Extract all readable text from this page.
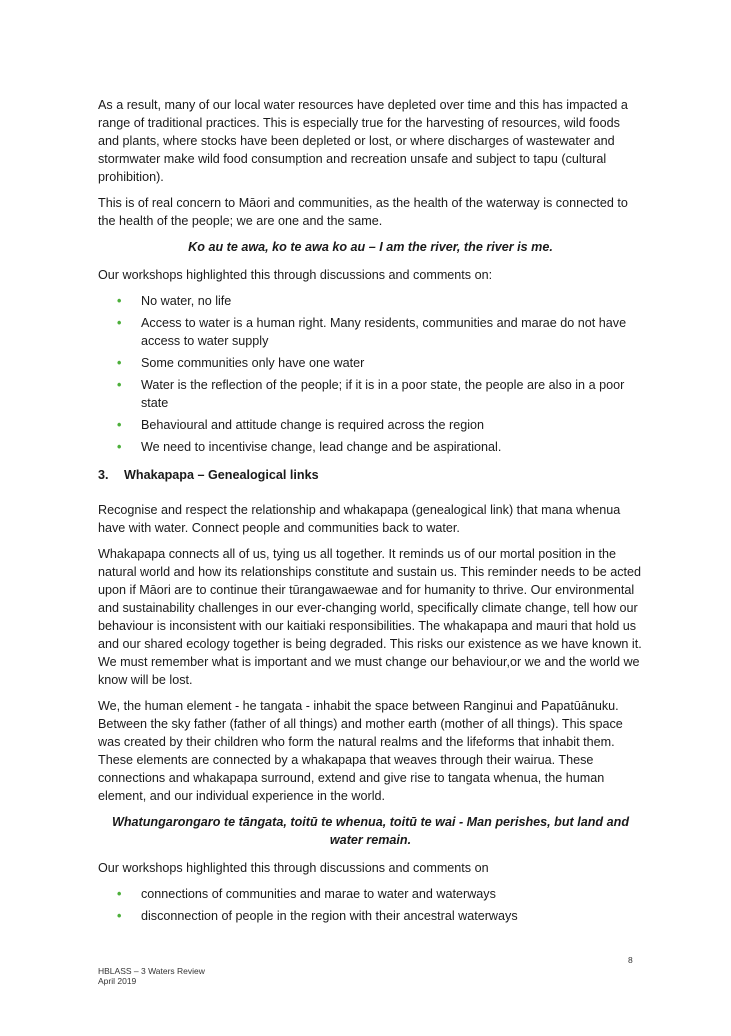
As a result, many of our local water resources have depleted over time and this has impacted a range of traditional practices. This is especially true for the harvesting of resources, wild foods and plants, where stocks have been depleted or lost, or where discharges of wastewater and stormwater make wild food consumption and recreation unsafe and subject to tapu (cultural prohibition).

This is of real concern to Māori and communities, as the health of the waterway is connected to the health of the people; we are one and the same.

Ko au te awa, ko te awa ko au – I am the river, the river is me.

Our workshops highlighted this through discussions and comments on:

• No water, no life
• Access to water is a human right. Many residents, communities and marae do not have access to water supply
• Some communities only have one water
• Water is the reflection of the people; if it is in a poor state, the people are also in a poor state
• Behavioural and attitude change is required across the region
• We need to incentivise change, lead change and be aspirational.
3. Whakapapa – Genealogical links

Recognise and respect the relationship and whakapapa (genealogical link) that mana whenua have with water. Connect people and communities back to water.

Whakapapa connects all of us, tying us all together. It reminds us of our mortal position in the natural world and how its relationships constitute and sustain us. This reminder needs to be acted upon if Māori are to continue their tūrangawaewae and for humanity to thrive. Our environmental and sustainability challenges in our ever-changing world, specifically climate change, tell how our behaviour is inconsistent with our kaitiaki responsibilities. The whakapapa and mauri that hold us and our shared ecology together is being degraded. This risks our existence as we have known it. We must remember what is important and we must change our behaviour,or we and the world we know will be lost.

We, the human element - he tangata - inhabit the space between Ranginui and Papatūānuku. Between the sky father (father of all things) and mother earth (mother of all things). This space was created by their children who form the natural realms and the lifeforms that inhabit them. These elements are connected by a whakapapa that weaves through their wairua. These connections and whakapapa surround, extend and give rise to tangata whenua, the human element, and our individual experience in the world.

Whatungarongaro te tāngata, toitū te whenua, toitū te wai - Man perishes, but land and water remain.

Our workshops highlighted this through discussions and comments on

• connections of communities and marae to water and waterways
• disconnection of people in the region with their ancestral waterways
8
HBLASS – 3 Waters Review
April 2019
